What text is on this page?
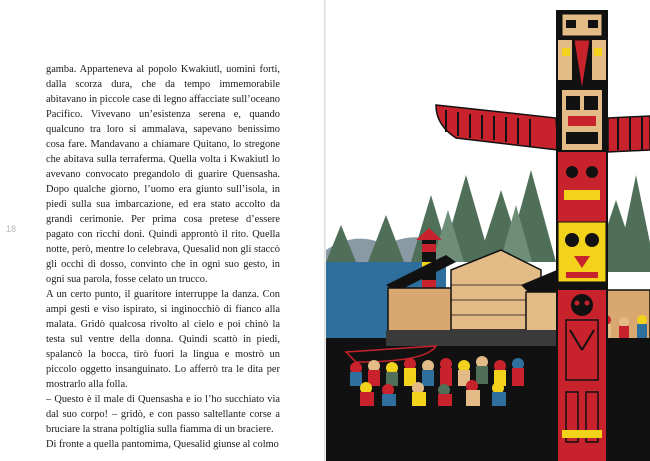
18

gamba. Apparteneva al popolo Kwakiutl, uomini forti, dalla scorza dura, che da tempo immemorabile abitavano in piccole case di legno affacciate sull’oceano Pacifico. Vivevano un’esistenza serena e, quando qualcuno tra loro si ammalava, sapevano benissimo cosa fare. Mandavano a chiamare Quitano, lo stregone che abitava sulla terraferma. Quella volta i Kwakiutl lo avevano convocato pregandolo di guarire Quensasha. Dopo qualche giorno, l’uomo era giunto sull’isola, in piedi sulla sua imbarcazione, ed era stato accolto da grandi cerimonie. Per prima cosa pretese d’essere pagato con ricchi doni. Quindi approntò il rito. Quella notte, però, mentre lo celebrava, Quesalid non gli staccò gli occhi di dosso, convinto che in ogni suo gesto, in ogni sua parola, fosse celato un trucco.

A un certo punto, il guaritore interruppe la danza. Con ampi gesti e viso ispirato, si inginocchiò di fianco alla malata. Gridò qualcosa rivolto al cielo e poi chinò la testa sul ventre della donna. Quindi scattò in piedi, spalancò la bocca, tirò fuori la lingua e mostrò un piccolo oggetto insanguinato. Lo afferrò tra le dita per mostrarlo alla folla.

– Questo è il male di Quensasha e io l’ho succhiato via dal suo corpo! – gridò, e con passo saltellante corse a bruciare la strana poltiglia sulla fiamma di un braciere.

Di fronte a quella pantomima, Quesalid giunse al colmo
